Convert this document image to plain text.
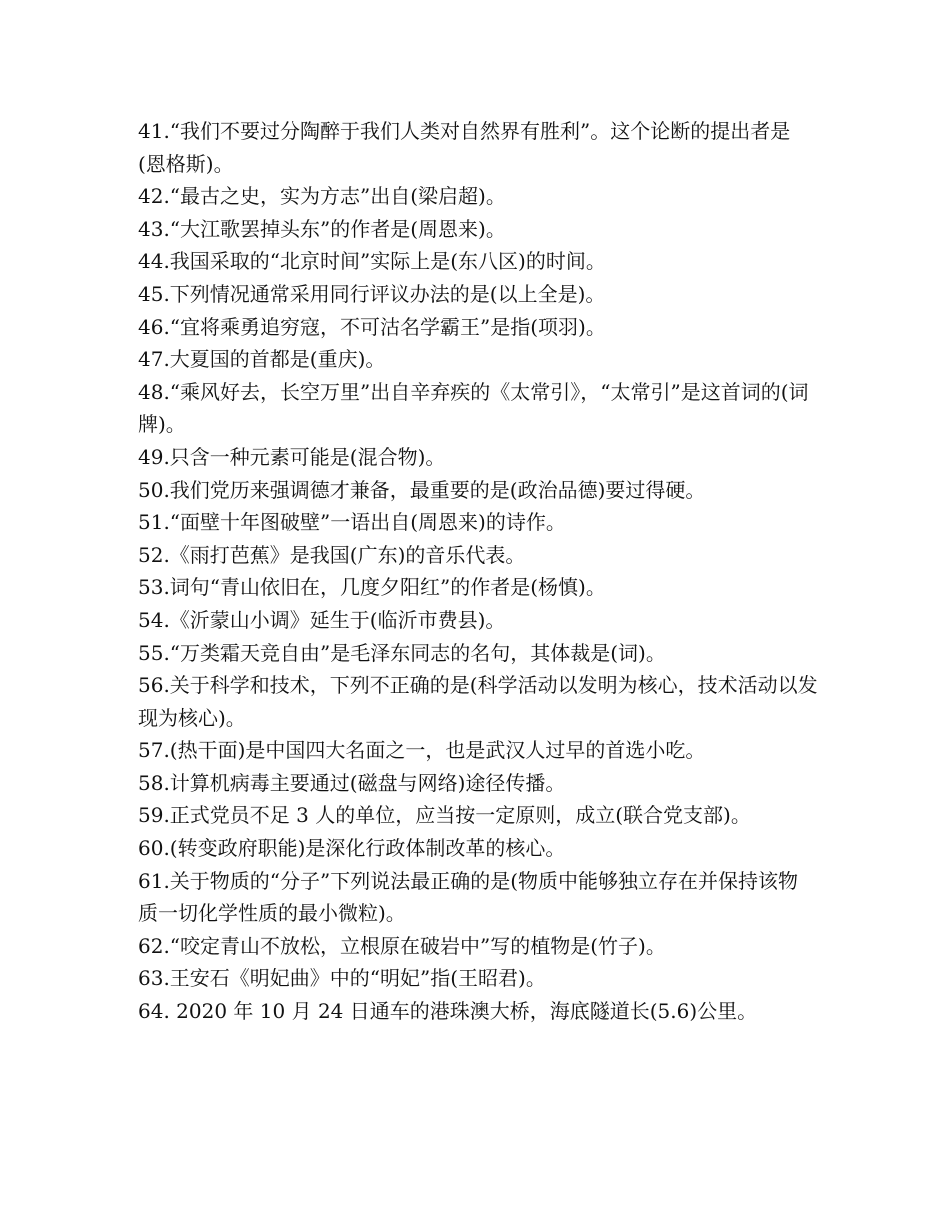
41.“我们不要过分陶醉于我们人类对自然界有胜利”。这个论断的提出者是(恩格斯)。

42.“最古之史，实为方志”出自(梁启超)。

43.“大江歌罢掉头东”的作者是(周恩来)。

44.我国采取的“北京时间”实际上是(东八区)的时间。

45.下列情况通常采用同行评议办法的是(以上全是)。

46.“宜将乘勇追穷寇，不可沽名学霸王”是指(项羽)。

47.大夏国的首都是(重庆)。

48.“乘风好去，长空万里”出自辛弃疾的《太常引》，“太常引”是这首词的(词牌)。

49.只含一种元素可能是(混合物)。

50.我们党历来强调德才兼备，最重要的是(政治品德)要过得硬。

51.“面壁十年图破壁”一语出自(周恩来)的诗作。

52.《雨打芭蕉》是我国(广东)的音乐代表。

53.词句“青山依旧在，几度夕阳红”的作者是(杨慎)。

54.《沂蒙山小调》延生于(临沂市费县)。

55.“万类霜天竞自由”是毛泽东同志的名句，其体裁是(词)。

56.关于科学和技术，下列不正确的是(科学活动以发明为核心，技术活动以发现为核心)。

57.(热干面)是中国四大名面之一，也是武汉人过早的首选小吃。

58.计算机病毒主要通过(磁盘与网络)途径传播。

59.正式党员不足 3 人的单位，应当按一定原则，成立(联合党支部)。

60.(转变政府职能)是深化行政体制改革的核心。

61.关于物质的“分子”下列说法最正确的是(物质中能够独立存在并保持该物质一切化学性质的最小微粒)。

62.“咬定青山不放松，立根原在破岩中”写的植物是(竹子)。

63.王安石《明妃曲》中的“明妃”指(王昭君)。

64. 2020 年 10 月 24 日通车的港珠澳大桥，海底隧道长(5.6)公里。
